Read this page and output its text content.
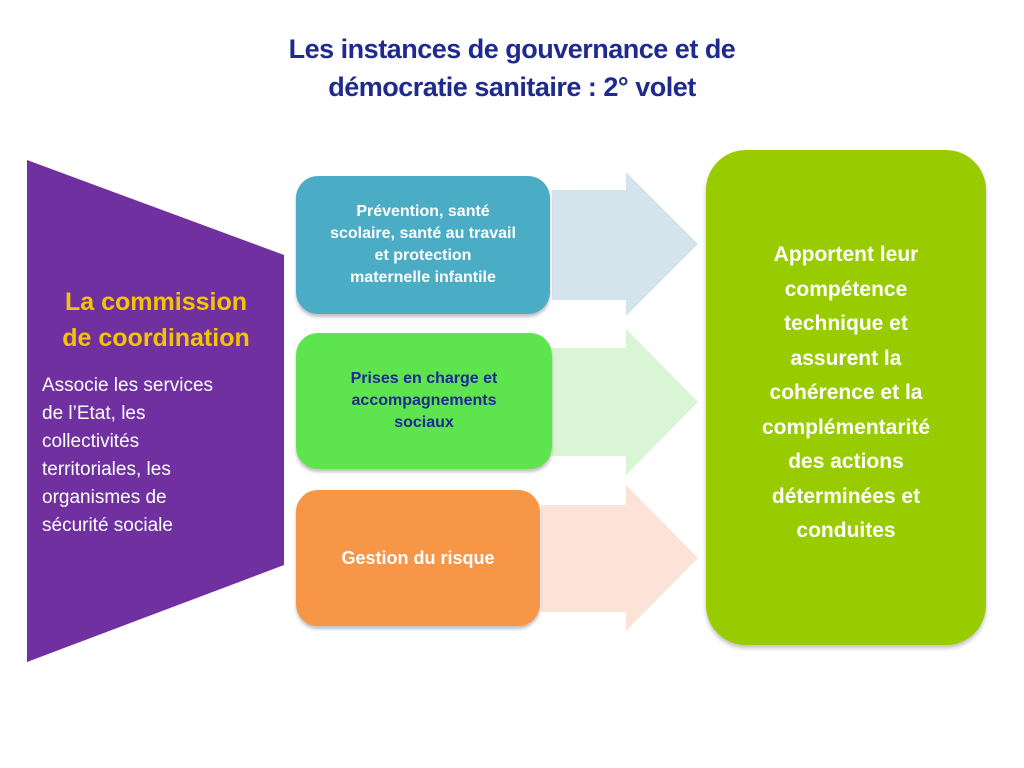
Les instances de gouvernance et de
démocratie sanitaire : 2° volet
La commission
de coordination
Associe les services
de l’Etat, les
collectivités
territoriales, les
organismes de
sécurité sociale
Prévention, santé
scolaire, santé au travail
et protection
maternelle infantile
Prises en charge et
accompagnements
sociaux
Gestion du risque
Apportent leur
compétence
technique et
assurent la
cohérence et la
complémentarité
des actions
déterminées et
conduites
